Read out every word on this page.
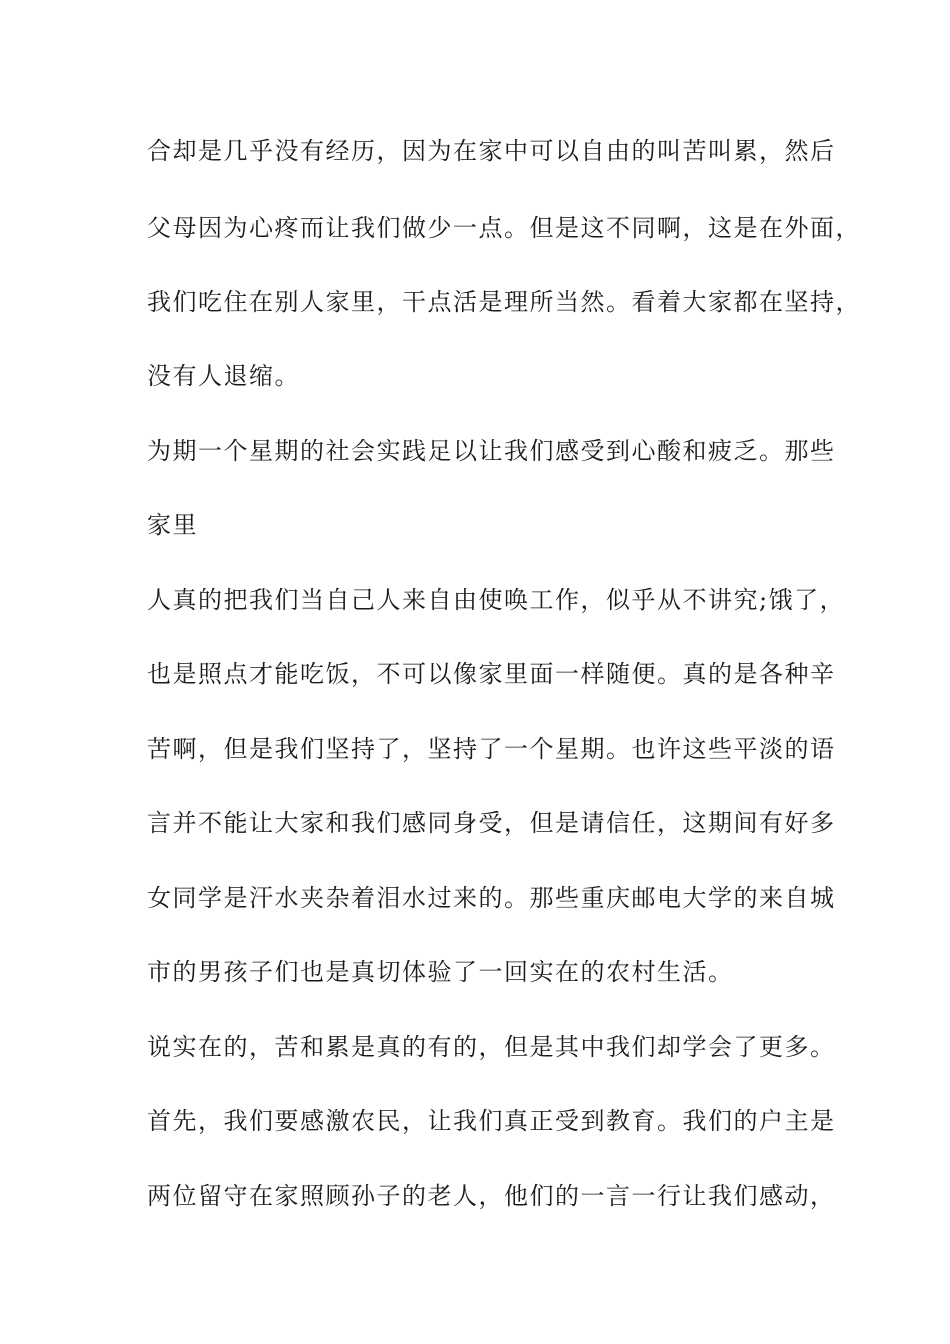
合却是几乎没有经历，因为在家中可以自由的叫苦叫累，然后
父母因为心疼而让我们做少一点。但是这不同啊，这是在外面，
我们吃住在别人家里，干点活是理所当然。看着大家都在坚持，
没有人退缩。
为期一个星期的社会实践足以让我们感受到心酸和疲乏。那些
家里
人真的把我们当自己人来自由使唤工作，似乎从不讲究;饿了，
也是照点才能吃饭，不可以像家里面一样随便。真的是各种辛
苦啊，但是我们坚持了，坚持了一个星期。也许这些平淡的语
言并不能让大家和我们感同身受，但是请信任，这期间有好多
女同学是汗水夹杂着泪水过来的。那些重庆邮电大学的来自城
市的男孩子们也是真切体验了一回实在的农村生活。
说实在的，苦和累是真的有的，但是其中我们却学会了更多。
首先，我们要感激农民，让我们真正受到教育。我们的户主是
两位留守在家照顾孙子的老人，他们的一言一行让我们感动，
